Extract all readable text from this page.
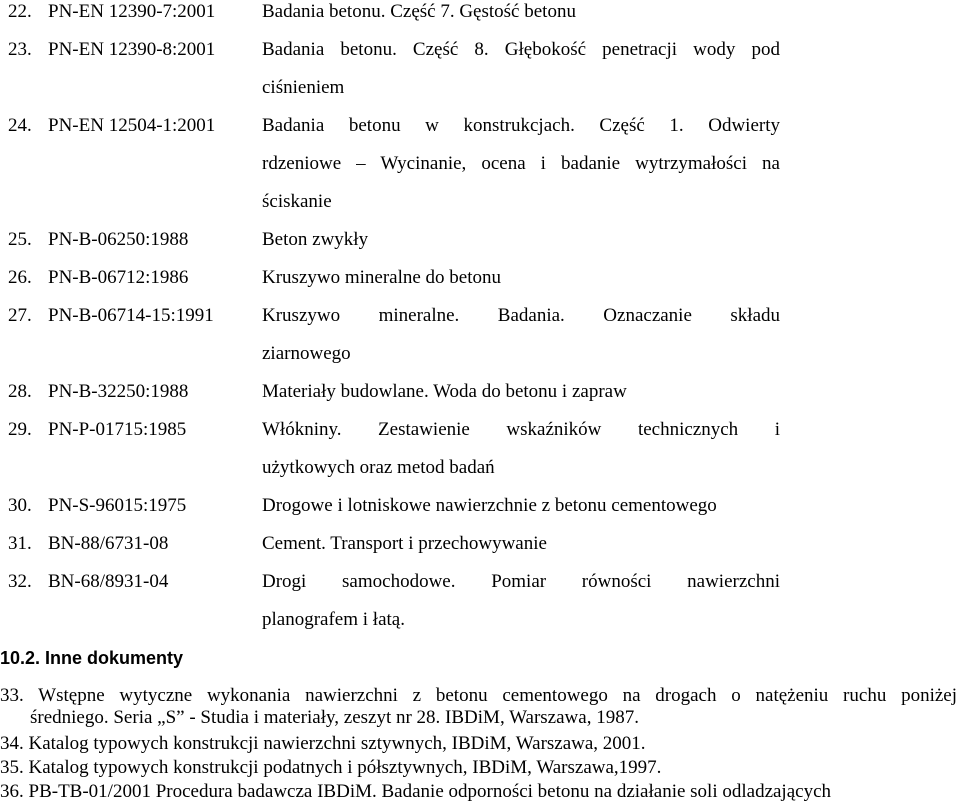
22. PN-EN 12390-7:2001 Badania betonu. Część 7. Gęstość betonu
23. PN-EN 12390-8:2001 Badania betonu. Część 8. Głębokość penetracji wody pod
ciśnieniem
24. PN-EN 12504-1:2001 Badania betonu w konstrukcjach. Część 1. Odwierty
rdzeniowe – Wycinanie, ocena i badanie wytrzymałości na
ściskanie
25. PN-B-06250:1988	Beton zwykły
26. PN-B-06712:1986	Kruszywo mineralne do betonu
27. PN-B-06714-15:1991	Kruszywo mineralne. Badania. Oznaczanie składu
ziarnowego
28. PN-B-32250:1988	Materiały budowlane. Woda do betonu i zapraw
29. PN-P-01715:1985	Włókniny. Zestawienie wskaźników technicznych i
użytkowych oraz metod badań
30. PN-S-96015:1975	Drogowe i lotniskowe nawierzchnie z betonu cementowego
31. BN-88/6731-08	Cement. Transport i przechowywanie
32. BN-68/8931-04	Drogi samochodowe. Pomiar równości nawierzchni
planografem i łatą.
10.2. Inne dokumenty
33. Wstępne wytyczne wykonania nawierzchni z betonu cementowego na drogach o natężeniu ruchu poniżej
średniego. Seria „S” - Studia i materiały, zeszyt nr 28. IBDiM, Warszawa, 1987.
34. Katalog typowych konstrukcji nawierzchni sztywnych, IBDiM, Warszawa, 2001.
35. Katalog typowych konstrukcji podatnych i półsztywnych, IBDiM, Warszawa,1997.
36. PB-TB-01/2001 Procedura badawcza IBDiM. Badanie odporności betonu na działanie soli odladzających
